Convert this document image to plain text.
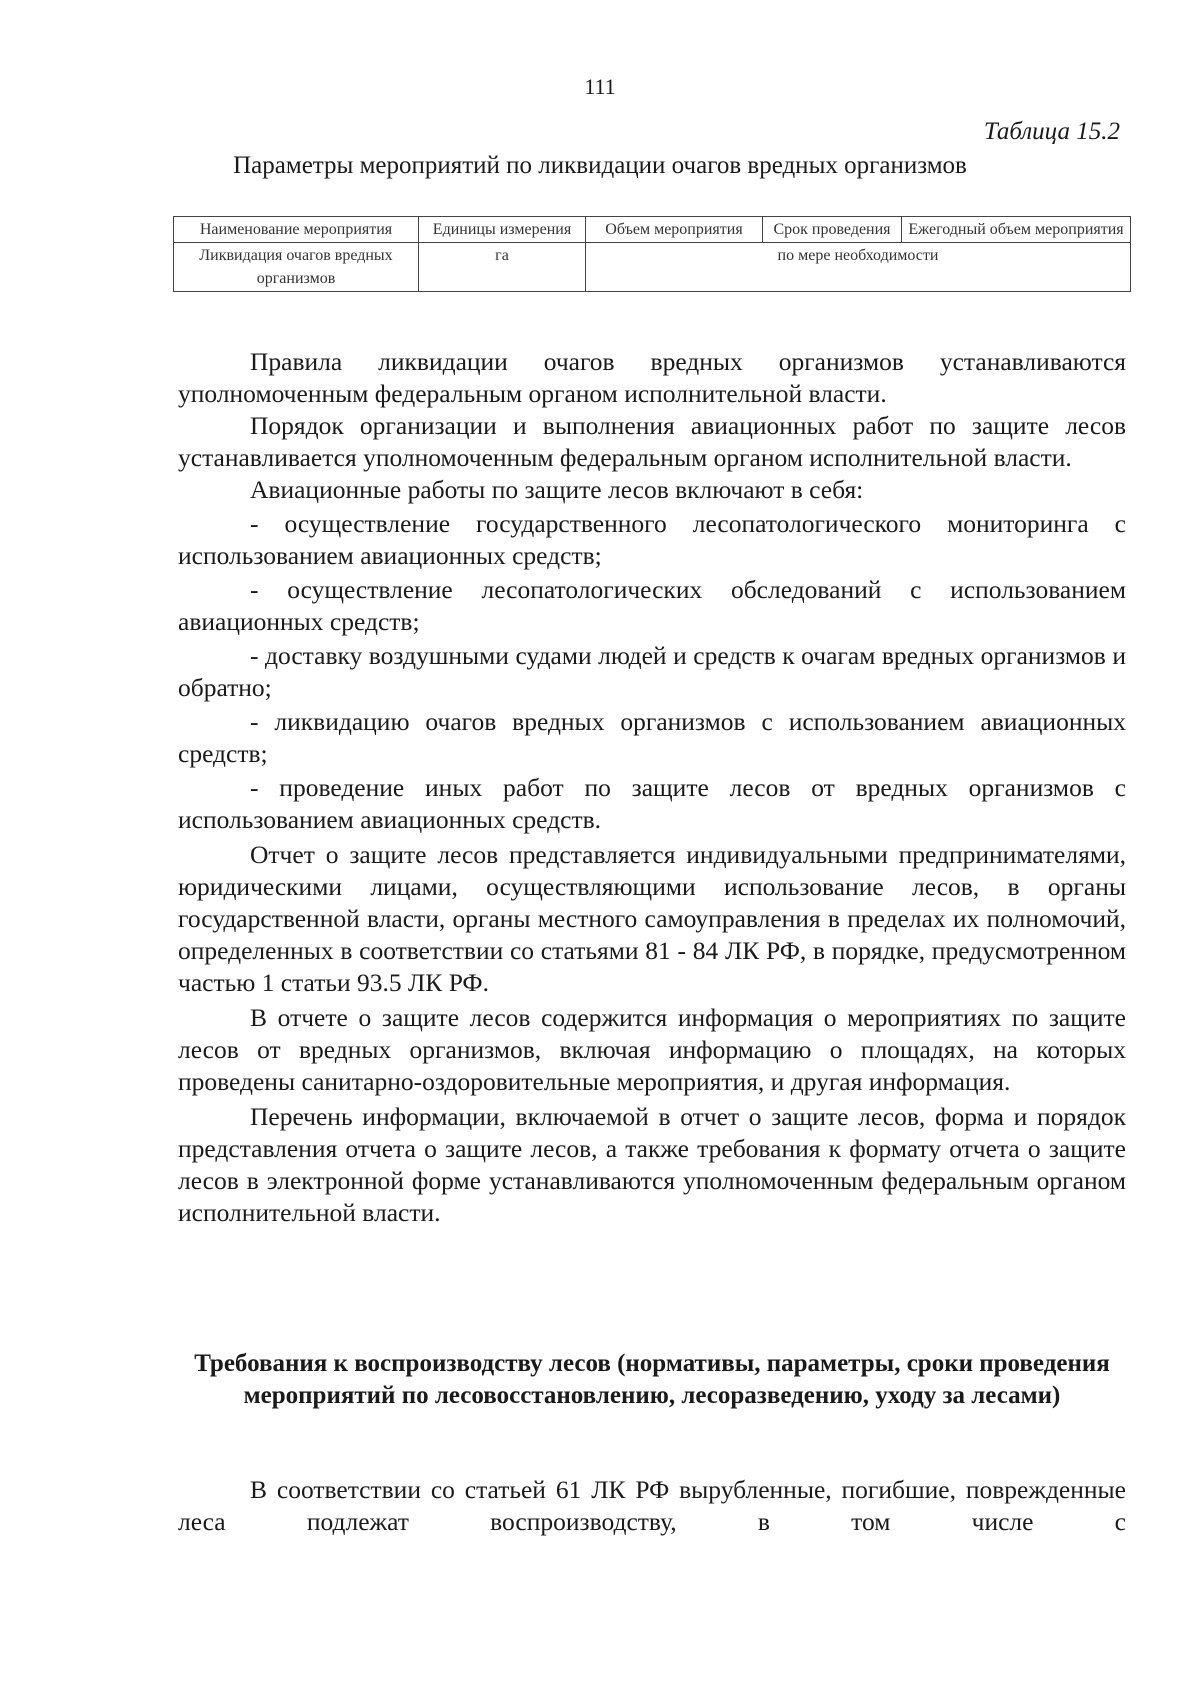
111
Таблица 15.2
Параметры мероприятий по ликвидации очагов вредных организмов
Наименование мероприятия	Единицы измерения	Объем мероприятия	Срок проведения	Ежегодный объем мероприятия
Ликвидация очагов вредных организмов	га	по мере необходимости		

Правила ликвидации очагов вредных организмов устанавливаются уполномоченным федеральным органом исполнительной власти.

Порядок организации и выполнения авиационных работ по защите лесов устанавливается уполномоченным федеральным органом исполнительной власти.

Авиационные работы по защите лесов включают в себя:

- осуществление государственного лесопатологического мониторинга с использованием авиационных средств;

- осуществление лесопатологических обследований с использованием авиационных средств;

- доставку воздушными судами людей и средств к очагам вредных организмов и обратно;

- ликвидацию очагов вредных организмов с использованием авиационных средств;

- проведение иных работ по защите лесов от вредных организмов с использованием авиационных средств.

Отчет о защите лесов представляется индивидуальными предпринимателями, юридическими лицами, осуществляющими использование лесов, в органы государственной власти, органы местного самоуправления в пределах их полномочий, определенных в соответствии со статьями 81 - 84 ЛК РФ, в порядке, предусмотренном частью 1 статьи 93.5 ЛК РФ.

В отчете о защите лесов содержится информация о мероприятиях по защите лесов от вредных организмов, включая информацию о площадях, на которых проведены санитарно-оздоровительные мероприятия, и другая информация.

Перечень информации, включаемой в отчет о защите лесов, форма и порядок представления отчета о защите лесов, а также требования к формату отчета о защите лесов в электронной форме устанавливаются уполномоченным федеральным органом исполнительной власти.

Требования к воспроизводству лесов (нормативы, параметры, сроки проведения мероприятий по лесовосстановлению, лесоразведению, уходу за лесами)

В соответствии со статьей 61 ЛК РФ вырубленные, погибшие, поврежденные леса подлежат воспроизводству, в том числе с
